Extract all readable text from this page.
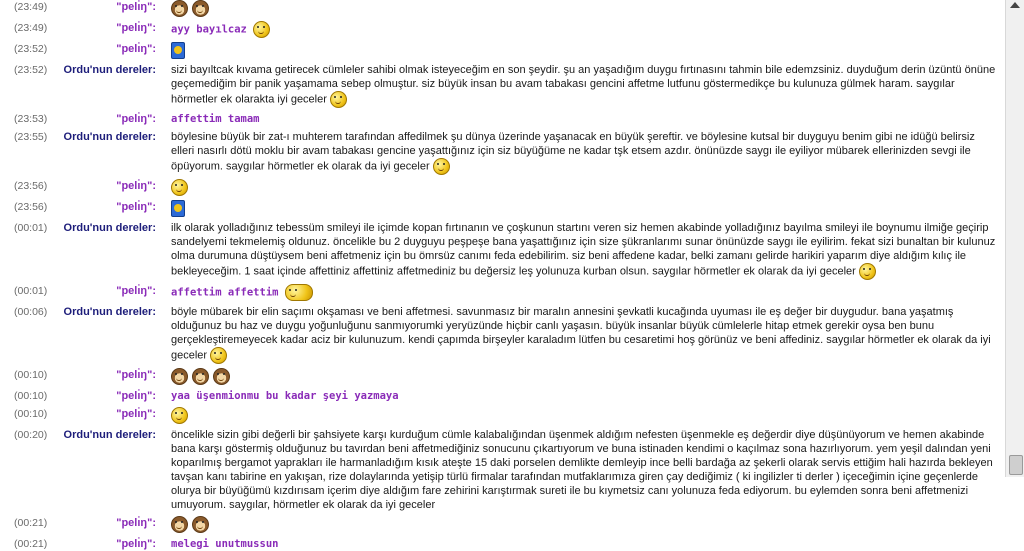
(23:49)	"pelı̇ŋ":
(23:49)	"pelı̇ŋ":	ayy bayılcaz
(23:52)	"pelı̇ŋ":
(23:52)	Ordu'nun dereler:	sizi bayıltcak kıvama getirecek cümleler sahibi olmak isteyeceğim en son şeydir. şu an yaşadığım duygu fırtınasını tahmin bile edemzsiniz. duyduğum derin üzüntü önüne geçemediğim bir panik yaşamama sebep olmuştur. siz büyük insan bu avam tabakası gencini affetme lutfunu göstermedikçe bu kulunuza gülmek haram. saygılar hörmetler ek olarakta iyi geceler
(23:53)	"pelı̇ŋ":	affettim tamam
(23:55)	Ordu'nun dereler:	böylesine büyük bir zat-ı muhterem tarafından affedilmek şu dünya üzerinde yaşanacak en büyük şereftir. ve böylesine kutsal bir duyguyu benim gibi ne idüğü belirsiz elleri nasırlı dötü moklu bir avam tabakası gencine yaşattığınız için siz büyüğüme ne kadar tşk etsem azdır. önünüzde saygı ile eyiliyor mübarek ellerinizden sevgi ile öpüyorum. saygılar hörmetler ek olarak da iyi geceler
(23:56)	"pelı̇ŋ":
(23:56)	"pelı̇ŋ":
(00:01)	Ordu'nun dereler:	ilk olarak yolladığınız tebessüm smileyi ile içimde kopan fırtınanın ve çoşkunun startını veren siz hemen akabinde yolladığınız bayılma smileyi ile boynumu ilmiğe geçirip sandelyemi tekmelemiş oldunuz. öncelikle bu 2 duyguyu peşpeşe bana yaşattığınız için size şükranlarımı sunar önünüzde saygı ile eyilirim. fekat sizi bunaltan bir kulunuz olma durumuna düştüysem beni affetmeniz için bu ömrsüz canımı feda edebilirim. siz beni affedene kadar, belki zamanı gelirde harikiri yaparım diye aldığım kılıç ile bekleyeceğim. 1 saat içinde affettiniz affettiniz affetmediniz bu değersiz leş yolunuza kurban olsun. saygılar hörmetler ek olarak da iyi geceler
(00:01)	"pelı̇ŋ":	affettim affettim
(00:06)	Ordu'nun dereler:	böyle mübarek bir elin saçımı okşaması ve beni affetmesi. savunmasız bir maralın annesini şevkatli kucağında uyuması ile eş değer bir duygudur. bana yaşatmış olduğunuz bu haz ve duygu yoğunluğunu sanmıyorumki yeryüzünde hiçbir canlı yaşasın. büyük insanlar büyük cümlelerle hitap etmek gerekir oysa ben bunu gerçekleştiremeyecek kadar aciz bir kulunuzum. kendi çapımda birşeyler karaladım lütfen bu cesaretimi hoş görünüz ve beni affediniz. saygılar hörmetler ek olarak da iyi geceler
(00:10)	"pelı̇ŋ":
(00:10)	"pelı̇ŋ":	yaa üşenmionmu bu kadar şeyi yazmaya
(00:10)	"pelı̇ŋ":
(00:20)	Ordu'nun dereler:	öncelikle sizin gibi değerli bir şahsiyete karşı kurduğum cümle kalabalığından üşenmek aldığım nefesten üşenmekle eş değerdir diye düşünüyorum ve hemen akabinde bana karşı göstermiş olduğunuz bu tavırdan beni affetmediğiniz sonucunu çıkartıyorum ve buna istinaden kendimi o kaçılmaz sona hazırlıyorum. yem yeşil dalından yeni koparılmış bergamot yaprakları ile harmanladığım kısık ateşte 15 daki porselen demlikte demleyip ince belli bardağa az şekerli olarak servis ettiğim hali hazırda bekleyen tavşan kanı tabirine en yakışan, rize dolaylarında yetişip türlü firmalar tarafından mutfaklarımıza giren çay dediğimiz ( ki ingilizler ti derler ) içeceğimin içine geçenlerde olurya bir büyüğümü kızdırısam içerim diye aldığım fare zehirini karıştırmak sureti ile bu kıymetsiz canı yolunuza feda ediyorum. bu eylemden sonra beni affetmenizi umuyorum. saygılar, hörmetler ek olarak da iyi geceler
(00:21)	"pelı̇ŋ":
(00:21)	"pelı̇ŋ":	melegi unutmussun
